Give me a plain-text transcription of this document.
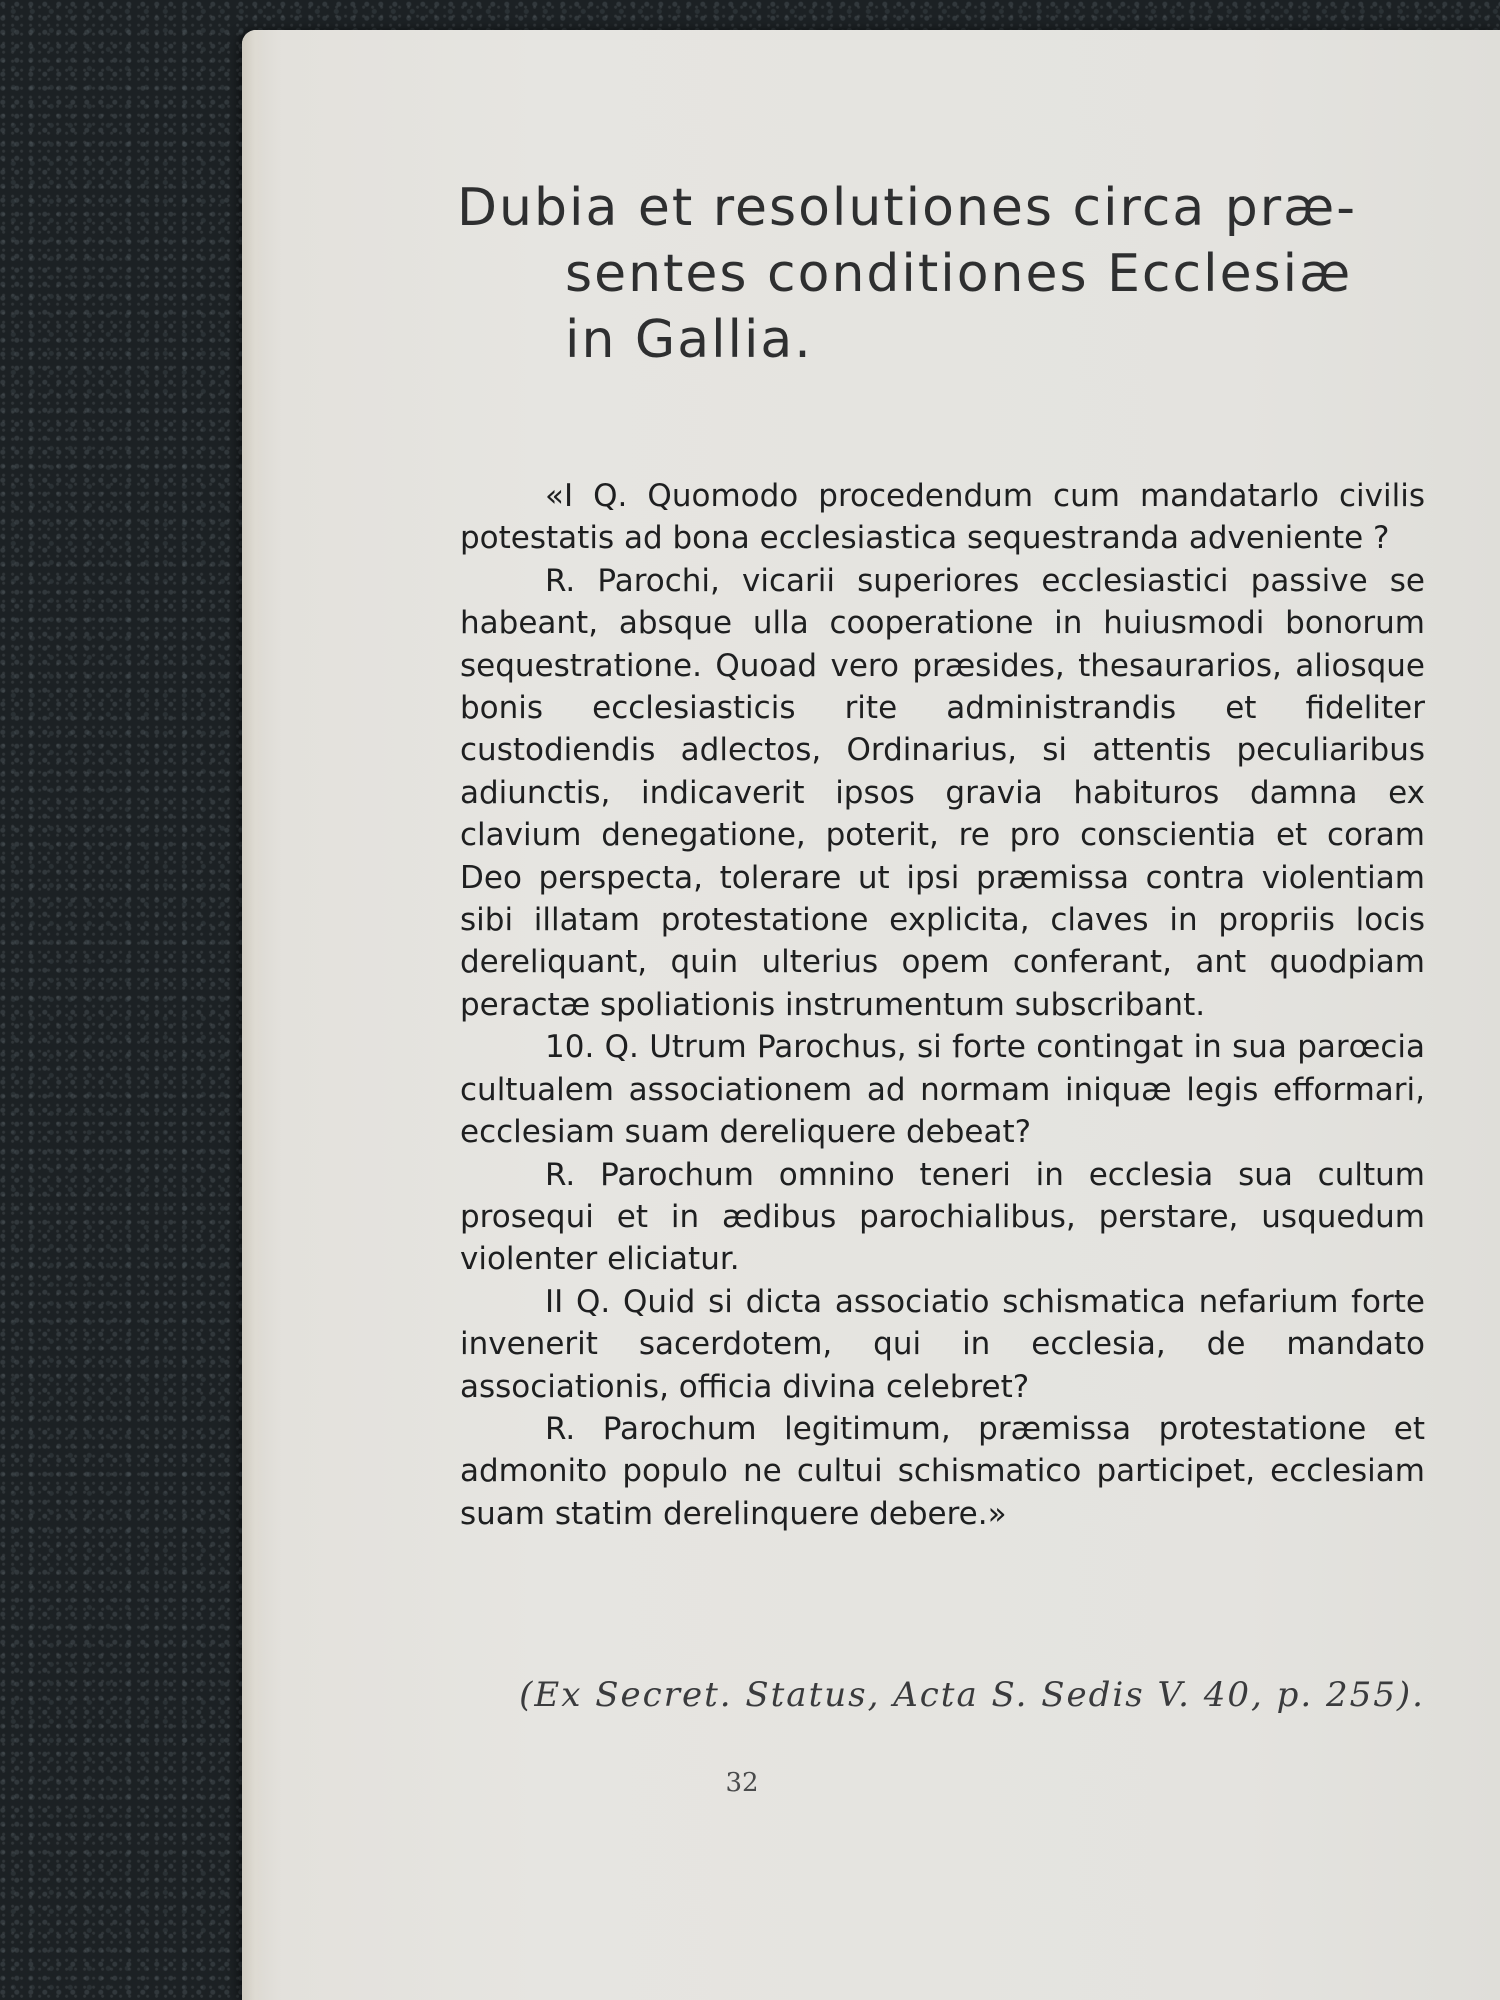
Dubia et resolutiones circa præ-
sentes conditiones Ecclesiæ
in Gallia.

«I Q. Quomodo procedendum cum mandatarlo civilis potestatis ad bona ecclesiastica sequestranda adveniente ?

R. Parochi, vicarii superiores ecclesiastici passive se habeant, absque ulla cooperatione in huiusmodi bonorum sequestratione. Quoad vero præsides, thesaurarios, aliosque bonis ecclesiasticis rite administrandis et fideliter custodiendis adlectos, Ordinarius, si attentis peculiaribus adiunctis, indicaverit ipsos gravia habituros damna ex clavium denegatione, poterit, re pro conscientia et coram Deo perspecta, tolerare ut ipsi præmissa contra violentiam sibi illatam protestatione explicita, claves in propriis locis dereliquant, quin ulterius opem conferant, ant quodpiam peractæ spoliationis instrumentum subscribant.

10. Q. Utrum Parochus, si forte contingat in sua parœcia cultualem associationem ad normam iniquæ legis efformari, ecclesiam suam dereliquere debeat?

R. Parochum omnino teneri in ecclesia sua cultum prosequi et in ædibus parochialibus, perstare, usquedum violenter eliciatur.

II Q. Quid si dicta associatio schismatica nefarium forte invenerit sacerdotem, qui in ecclesia, de mandato associationis, officia divina celebret?

R. Parochum legitimum, præmissa protestatione et admonito populo ne cultui schismatico participet, ecclesiam suam statim derelinquere debere.»

(Ex Secret. Status, Acta S. Sedis V. 40, p. 255).
32
